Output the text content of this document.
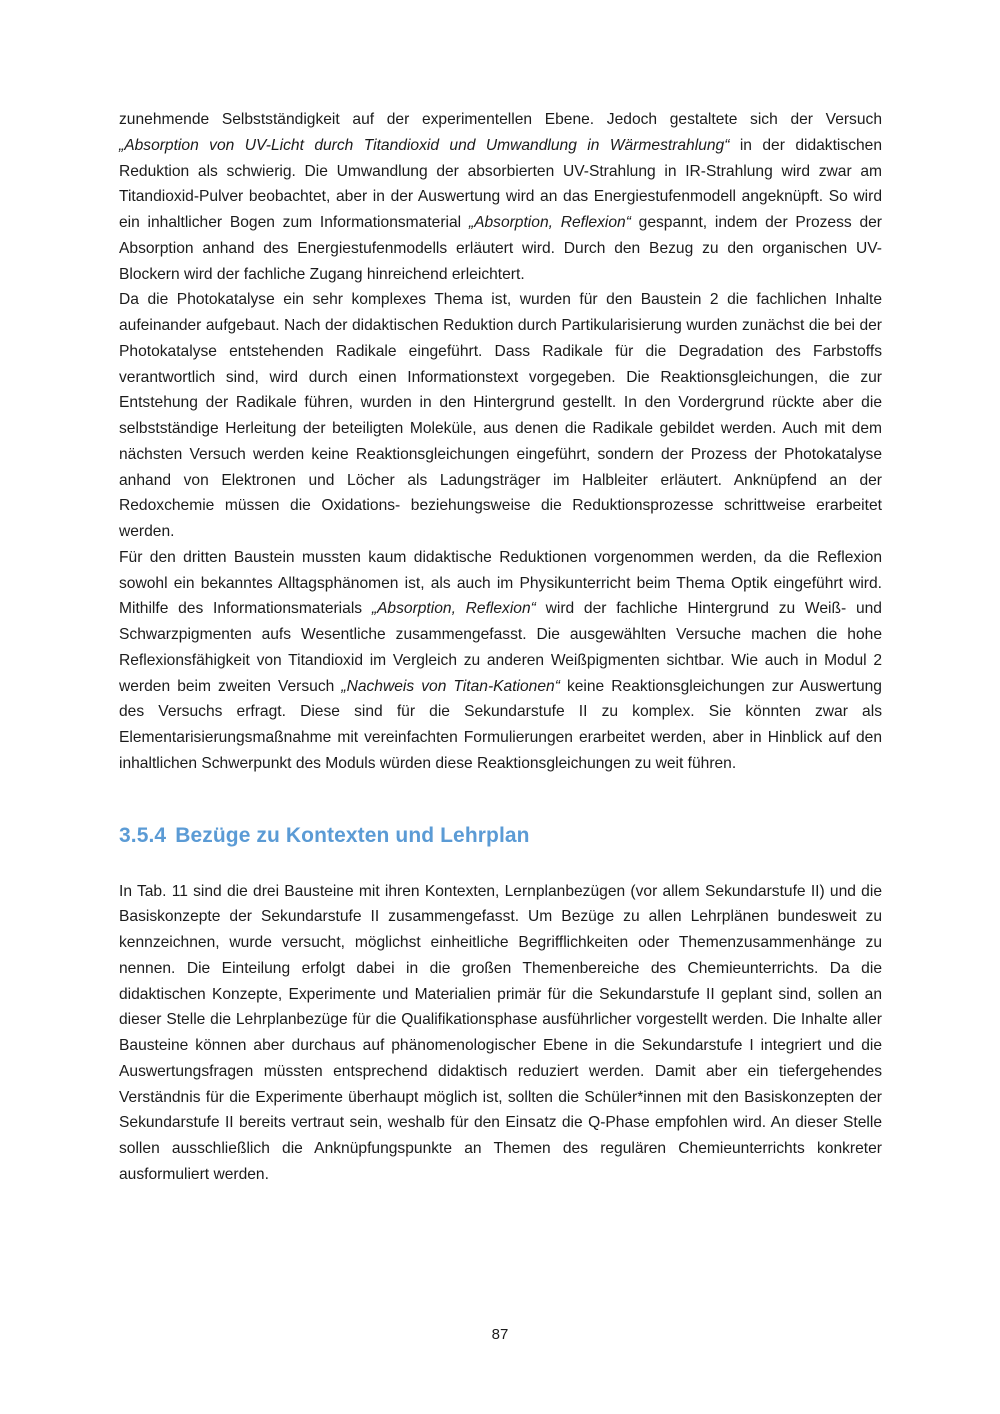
zunehmende Selbstständigkeit auf der experimentellen Ebene. Jedoch gestaltete sich der Versuch „Absorption von UV-Licht durch Titandioxid und Umwandlung in Wärmestrahlung“ in der didaktischen Reduktion als schwierig. Die Umwandlung der absorbierten UV-Strahlung in IR-Strahlung wird zwar am Titandioxid-Pulver beobachtet, aber in der Auswertung wird an das Energiestufenmodell angeknüpft. So wird ein inhaltlicher Bogen zum Informationsmaterial „Absorption, Reflexion“ gespannt, indem der Prozess der Absorption anhand des Energiestufenmodells erläutert wird. Durch den Bezug zu den organischen UV-Blockern wird der fachliche Zugang hinreichend erleichtert.

Da die Photokatalyse ein sehr komplexes Thema ist, wurden für den Baustein 2 die fachlichen Inhalte aufeinander aufgebaut. Nach der didaktischen Reduktion durch Partikularisierung wurden zunächst die bei der Photokatalyse entstehenden Radikale eingeführt. Dass Radikale für die Degradation des Farbstoffs verantwortlich sind, wird durch einen Informationstext vorgegeben. Die Reaktionsgleichungen, die zur Entstehung der Radikale führen, wurden in den Hintergrund gestellt. In den Vordergrund rückte aber die selbstständige Herleitung der beteiligten Moleküle, aus denen die Radikale gebildet werden. Auch mit dem nächsten Versuch werden keine Reaktionsgleichungen eingeführt, sondern der Prozess der Photokatalyse anhand von Elektronen und Löcher als Ladungsträger im Halbleiter erläutert. Anknüpfend an der Redoxchemie müssen die Oxidations- beziehungsweise die Reduktionsprozesse schrittweise erarbeitet werden.

Für den dritten Baustein mussten kaum didaktische Reduktionen vorgenommen werden, da die Reflexion sowohl ein bekanntes Alltagsphänomen ist, als auch im Physikunterricht beim Thema Optik eingeführt wird. Mithilfe des Informationsmaterials „Absorption, Reflexion“ wird der fachliche Hintergrund zu Weiß- und Schwarzpigmenten aufs Wesentliche zusammengefasst. Die ausgewählten Versuche machen die hohe Reflexionsfähigkeit von Titandioxid im Vergleich zu anderen Weißpigmenten sichtbar. Wie auch in Modul 2 werden beim zweiten Versuch „Nachweis von Titan-Kationen“ keine Reaktionsgleichungen zur Auswertung des Versuchs erfragt. Diese sind für die Sekundarstufe II zu komplex. Sie könnten zwar als Elementarisierungsmaßnahme mit vereinfachten Formulierungen erarbeitet werden, aber in Hinblick auf den inhaltlichen Schwerpunkt des Moduls würden diese Reaktionsgleichungen zu weit führen.

3.5.4 Bezüge zu Kontexten und Lehrplan

In Tab. 11 sind die drei Bausteine mit ihren Kontexten, Lernplanbezügen (vor allem Sekundarstufe II) und die Basiskonzepte der Sekundarstufe II zusammengefasst. Um Bezüge zu allen Lehrplänen bundesweit zu kennzeichnen, wurde versucht, möglichst einheitliche Begrifflichkeiten oder Themenzusammenhänge zu nennen. Die Einteilung erfolgt dabei in die großen Themenbereiche des Chemieunterrichts. Da die didaktischen Konzepte, Experimente und Materialien primär für die Sekundarstufe II geplant sind, sollen an dieser Stelle die Lehrplanbezüge für die Qualifikationsphase ausführlicher vorgestellt werden. Die Inhalte aller Bausteine können aber durchaus auf phänomenologischer Ebene in die Sekundarstufe I integriert und die Auswertungsfragen müssten entsprechend didaktisch reduziert werden. Damit aber ein tiefergehendes Verständnis für die Experimente überhaupt möglich ist, sollten die Schüler*innen mit den Basiskonzepten der Sekundarstufe II bereits vertraut sein, weshalb für den Einsatz die Q-Phase empfohlen wird. An dieser Stelle sollen ausschließlich die Anknüpfungspunkte an Themen des regulären Chemieunterrichts konkreter ausformuliert werden.

87
